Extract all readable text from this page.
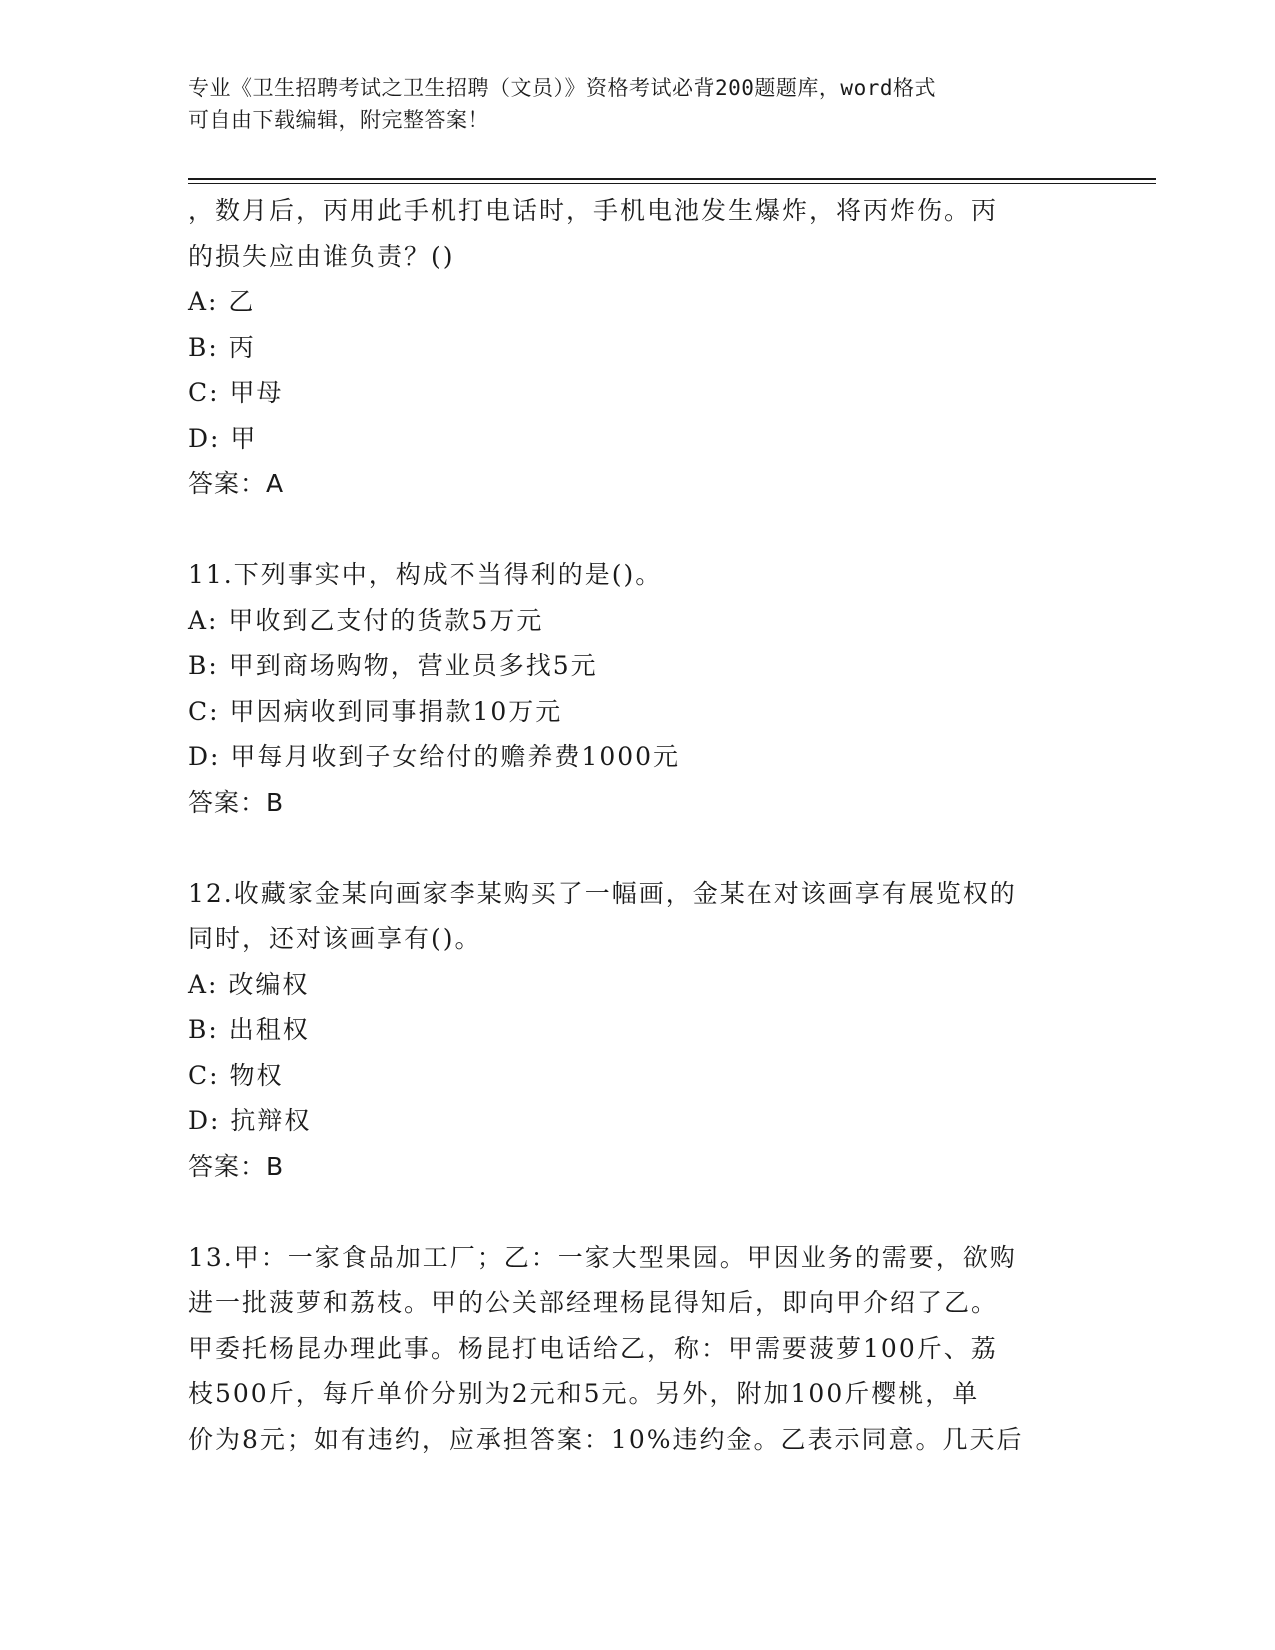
专业《卫生招聘考试之卫生招聘（文员）》资格考试必背200题题库，word格式
可自由下载编辑，附完整答案！
，数月后，丙用此手机打电话时，手机电池发生爆炸，将丙炸伤。丙
的损失应由谁负责？()
A: 乙
B: 丙
C: 甲母
D: 甲
答案：A
11.下列事实中，构成不当得利的是()。
A: 甲收到乙支付的货款5万元
B: 甲到商场购物，营业员多找5元
C: 甲因病收到同事捐款10万元
D: 甲每月收到子女给付的赡养费1000元
答案：B
12.收藏家金某向画家李某购买了一幅画，金某在对该画享有展览权的
同时，还对该画享有()。
A: 改编权
B: 出租权
C: 物权
D: 抗辩权
答案：B
13.甲：一家食品加工厂；乙：一家大型果园。甲因业务的需要，欲购
进一批菠萝和荔枝。甲的公关部经理杨昆得知后，即向甲介绍了乙。
甲委托杨昆办理此事。杨昆打电话给乙，称：甲需要菠萝100斤、荔
枝500斤，每斤单价分别为2元和5元。另外，附加100斤樱桃，单
价为8元；如有违约，应承担答案：10%违约金。乙表示同意。几天后
